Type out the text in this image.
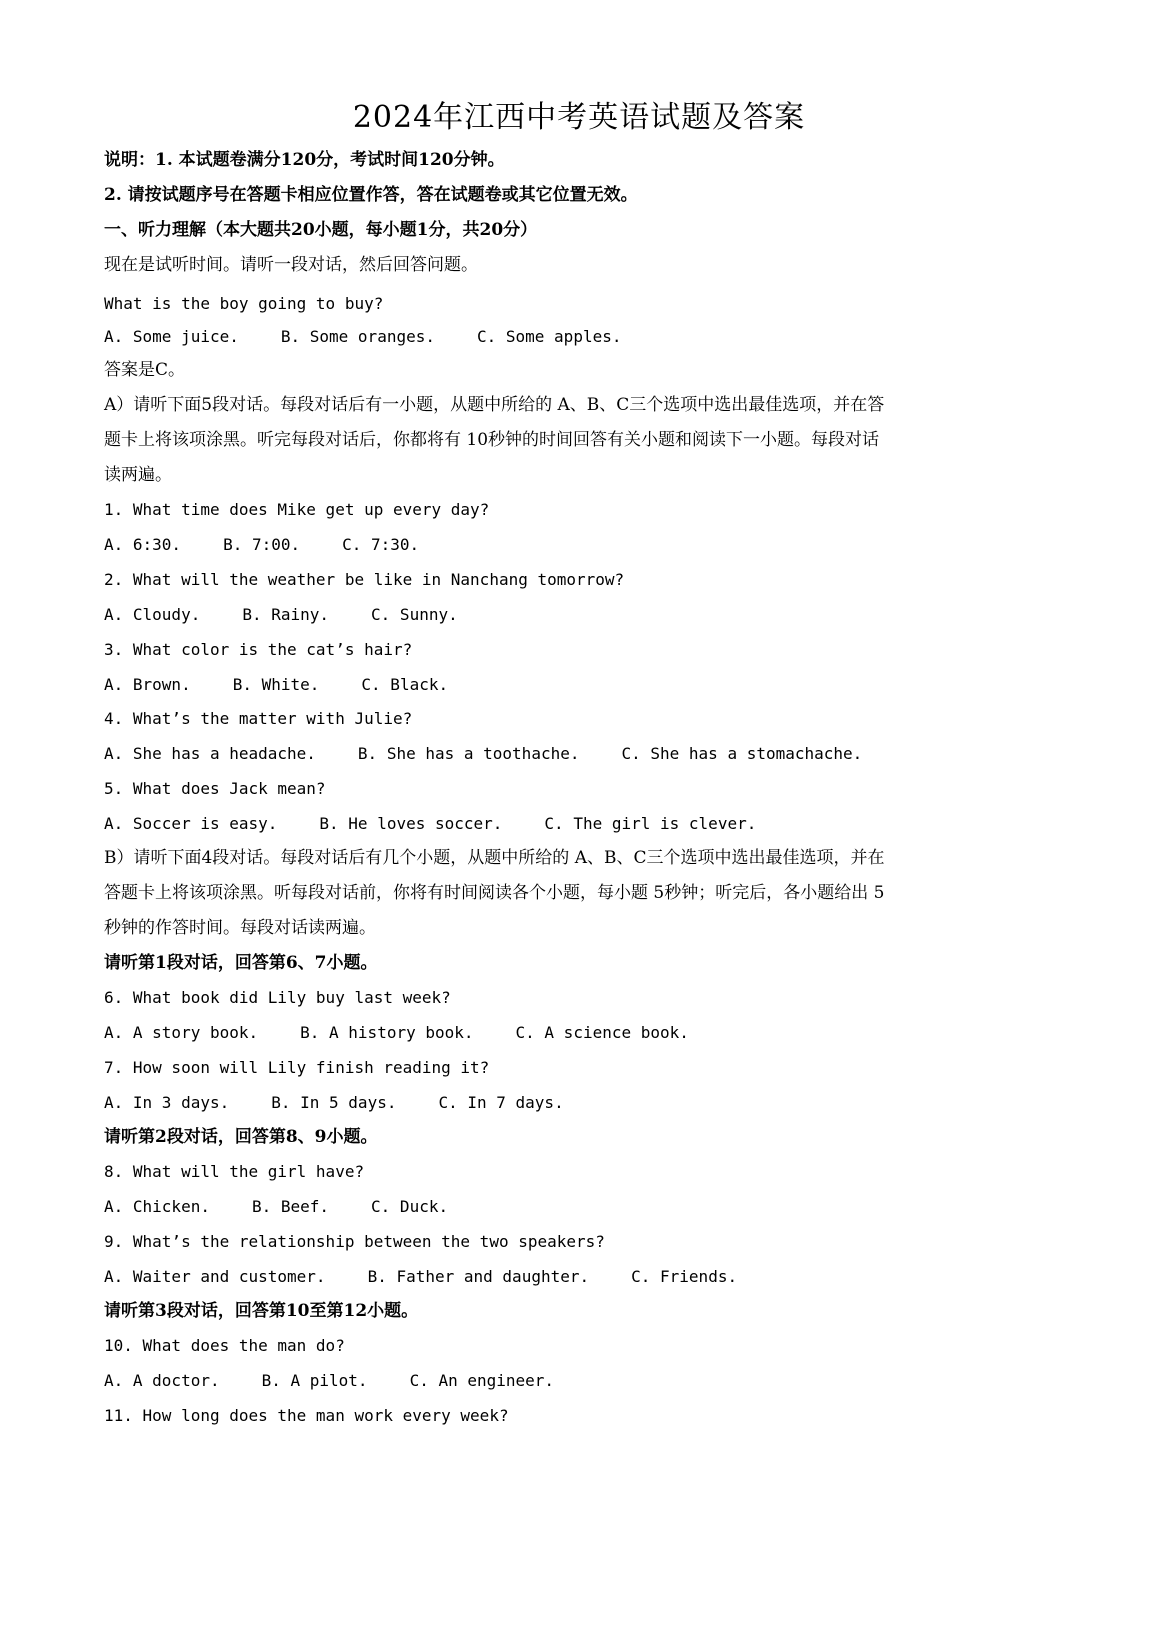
2024年江西中考英语试题及答案
说明：1. 本试题卷满分120分，考试时间120分钟。
2. 请按试题序号在答题卡相应位置作答，答在试题卷或其它位置无效。
一、听力理解（本大题共20小题，每小题1分，共20分）
现在是试听时间。请听一段对话，然后回答问题。
What is the boy going to buy?
A. Some juice.	B. Some oranges.	C. Some apples.
答案是C。
A）请听下面5段对话。每段对话后有一小题，从题中所给的 A、B、C三个选项中选出最佳选项，并在答
题卡上将该项涂黑。听完每段对话后，你都将有 10秒钟的时间回答有关小题和阅读下一小题。每段对话
读两遍。
1. What time does Mike get up every day?
A. 6:30.	B. 7:00.	C. 7:30.
2. What will the weather be like in Nanchang tomorrow?
A. Cloudy.	B. Rainy.	C. Sunny.
3. What color is the cat’s hair?
A. Brown.	B. White.	C. Black.
4. What’s the matter with Julie?
A. She has a headache.	B. She has a toothache.	C. She has a stomachache.
5. What does Jack mean?
A. Soccer is easy.	B. He loves soccer.	C. The girl is clever.
B）请听下面4段对话。每段对话后有几个小题，从题中所给的 A、B、C三个选项中选出最佳选项，并在
答题卡上将该项涂黑。听每段对话前，你将有时间阅读各个小题，每小题 5秒钟；听完后，各小题给出 5
秒钟的作答时间。每段对话读两遍。
请听第1段对话，回答第6、7小题。
6. What book did Lily buy last week?
A. A story book.	B. A history book.	C. A science book.
7. How soon will Lily finish reading it?
A. In 3 days.	B. In 5 days.	C. In 7 days.
请听第2段对话，回答第8、9小题。
8. What will the girl have?
A. Chicken.	B. Beef.	C. Duck.
9. What’s the relationship between the two speakers?
A. Waiter and customer.	B. Father and daughter.	C. Friends.
请听第3段对话，回答第10至第12小题。
10. What does the man do?
A. A doctor.	B. A pilot.	C. An engineer.
11. How long does the man work every week?
